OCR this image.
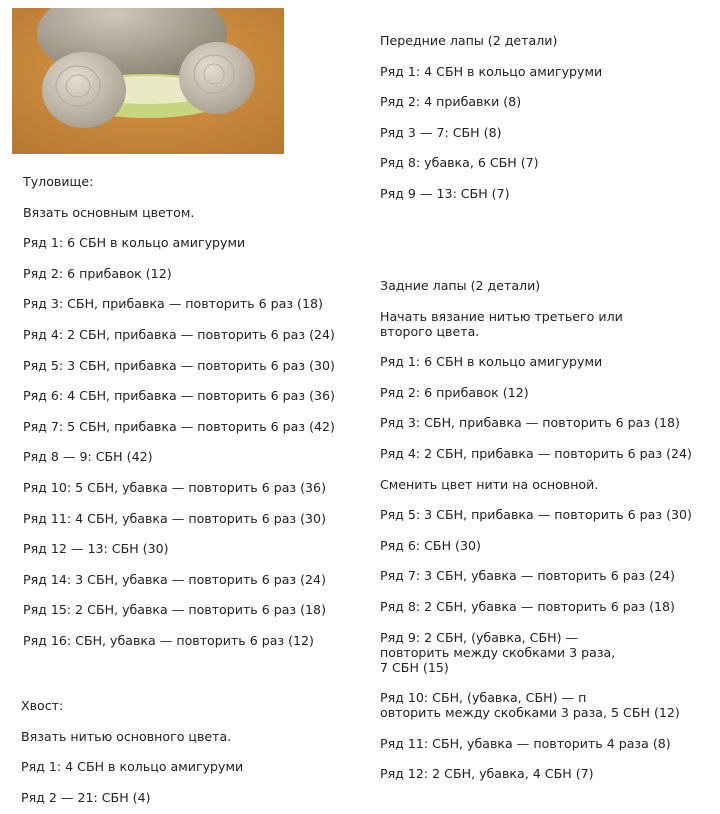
Туловище:

Вязать основным цветом.

Ряд 1: 6 СБН в кольцо амигуруми

Ряд 2: 6 прибавок (12)

Ряд 3: СБН, прибавка — повторить 6 раз (18)

Ряд 4: 2 СБН, прибавка — повторить 6 раз (24)

Ряд 5: 3 СБН, прибавка — повторить 6 раз (30)

Ряд 6: 4 СБН, прибавка — повторить 6 раз (36)

Ряд 7: 5 СБН, прибавка — повторить 6 раз (42)

Ряд 8 — 9: СБН (42)

Ряд 10: 5 СБН, убавка — повторить 6 раз (36)

Ряд 11: 4 СБН, убавка — повторить 6 раз (30)

Ряд 12 — 13: СБН (30)

Ряд 14: 3 СБН, убавка — повторить 6 раз (24)

Ряд 15: 2 СБН, убавка — повторить 6 раз (18)

Ряд 16: СБН, убавка — повторить 6 раз (12)

Хвост:

Вязать нитью основного цвета.

Ряд 1: 4 СБН в кольцо амигуруми

Ряд 2 — 21: СБН (4)

Передние лапы (2 детали)

Ряд 1: 4 СБН в кольцо амигуруми

Ряд 2: 4 прибавки (8)

Ряд 3 — 7: СБН (8)

Ряд 8: убавка, 6 СБН (7)

Ряд 9 — 13: СБН (7)

Задние лапы (2 детали)

Начать вязание нитью третьего или
второго цвета.

Ряд 1: 6 СБН в кольцо амигуруми

Ряд 2: 6 прибавок (12)

Ряд 3: СБН, прибавка — повторить 6 раз (18)

Ряд 4: 2 СБН, прибавка — повторить 6 раз (24)

Сменить цвет нити на основной.

Ряд 5: 3 СБН, прибавка — повторить 6 раз (30)

Ряд 6: СБН (30)

Ряд 7: 3 СБН, убавка — повторить 6 раз (24)

Ряд 8: 2 СБН, убавка — повторить 6 раз (18)

Ряд 9: 2 СБН, (убавка, СБН) —
повторить между скобками 3 раза,
7 СБН (15)

Ряд 10: СБН, (убавка, СБН) — п
овторить между скобками 3 раза, 5 СБН (12)

Ряд 11: СБН, убавка — повторить 4 раза (8)

Ряд 12: 2 СБН, убавка, 4 СБН (7)
